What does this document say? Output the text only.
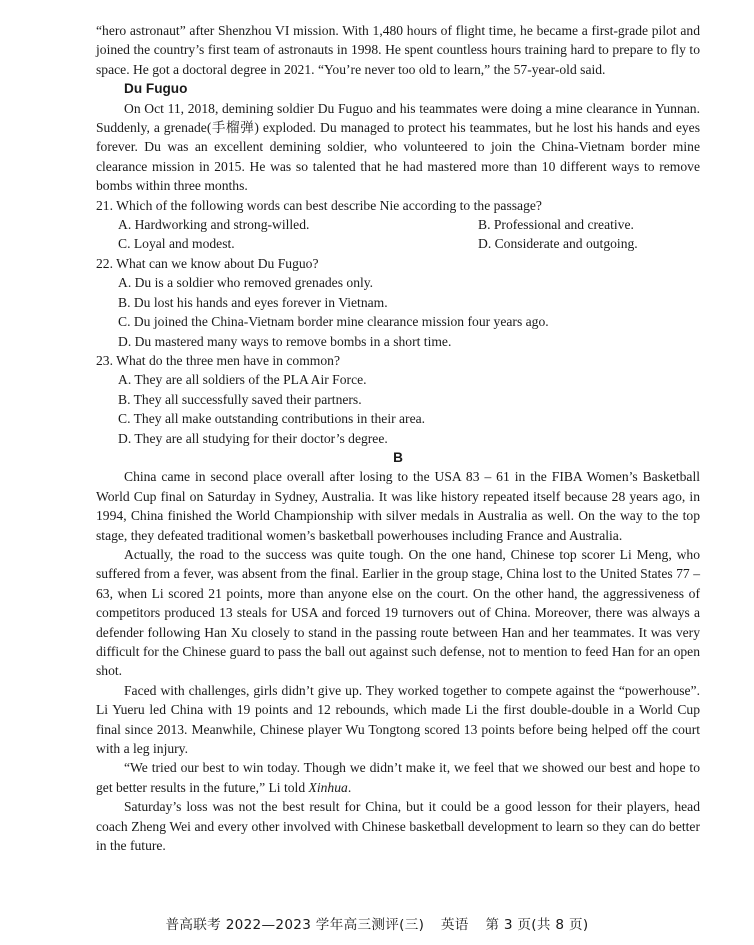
“hero astronaut” after Shenzhou VI mission. With 1,480 hours of flight time, he became a first-grade pilot and joined the country’s first team of astronauts in 1998. He spent countless hours training hard to prepare to fly to space. He got a doctoral degree in 2021. “You’re never too old to learn,” the 57-year-old said.

Du Fuguo

On Oct 11, 2018, demining soldier Du Fuguo and his teammates were doing a mine clearance in Yunnan. Suddenly, a grenade(手榴弹) exploded. Du managed to protect his teammates, but he lost his hands and eyes forever. Du was an excellent demining soldier, who volunteered to join the China-Vietnam border mine clearance mission in 2015. He was so talented that he had mastered more than 10 different ways to remove bombs within three months.

21. Which of the following words can best describe Nie according to the passage?

A. Hardworking and strong-willed.	B. Professional and creative.

C. Loyal and modest.	D. Considerate and outgoing.

22. What can we know about Du Fuguo?

A. Du is a soldier who removed grenades only.

B. Du lost his hands and eyes forever in Vietnam.

C. Du joined the China-Vietnam border mine clearance mission four years ago.

D. Du mastered many ways to remove bombs in a short time.

23. What do the three men have in common?

A. They are all soldiers of the PLA Air Force.

B. They all successfully saved their partners.

C. They all make outstanding contributions in their area.

D. They are all studying for their doctor’s degree.

B

China came in second place overall after losing to the USA 83 – 61 in the FIBA Women’s Basketball World Cup final on Saturday in Sydney, Australia. It was like history repeated itself because 28 years ago, in 1994, China finished the World Championship with silver medals in Australia as well. On the way to the top stage, they defeated traditional women’s basketball powerhouses including France and Australia.

Actually, the road to the success was quite tough. On the one hand, Chinese top scorer Li Meng, who suffered from a fever, was absent from the final. Earlier in the group stage, China lost to the United States 77 – 63, when Li scored 21 points, more than anyone else on the court. On the other hand, the aggressiveness of competitors produced 13 steals for USA and forced 19 turnovers out of China. Moreover, there was always a defender following Han Xu closely to stand in the passing route between Han and her teammates. It was very difficult for the Chinese guard to pass the ball out against such defense, not to mention to feed Han for an open shot.

Faced with challenges, girls didn’t give up. They worked together to compete against the “powerhouse”. Li Yueru led China with 19 points and 12 rebounds, which made Li the first double-double in a World Cup final since 2013. Meanwhile, Chinese player Wu Tongtong scored 13 points before being helped off the court with a leg injury.

“We tried our best to win today. Though we didn’t make it, we feel that we showed our best and hope to get better results in the future,” Li told Xinhua.

Saturday’s loss was not the best result for China, but it could be a good lesson for their players, head coach Zheng Wei and every other involved with Chinese basketball development to learn so they can do better in the future.

普高联考 2022—2023 学年高三测评(三) 英语 第 3 页(共 8 页)
